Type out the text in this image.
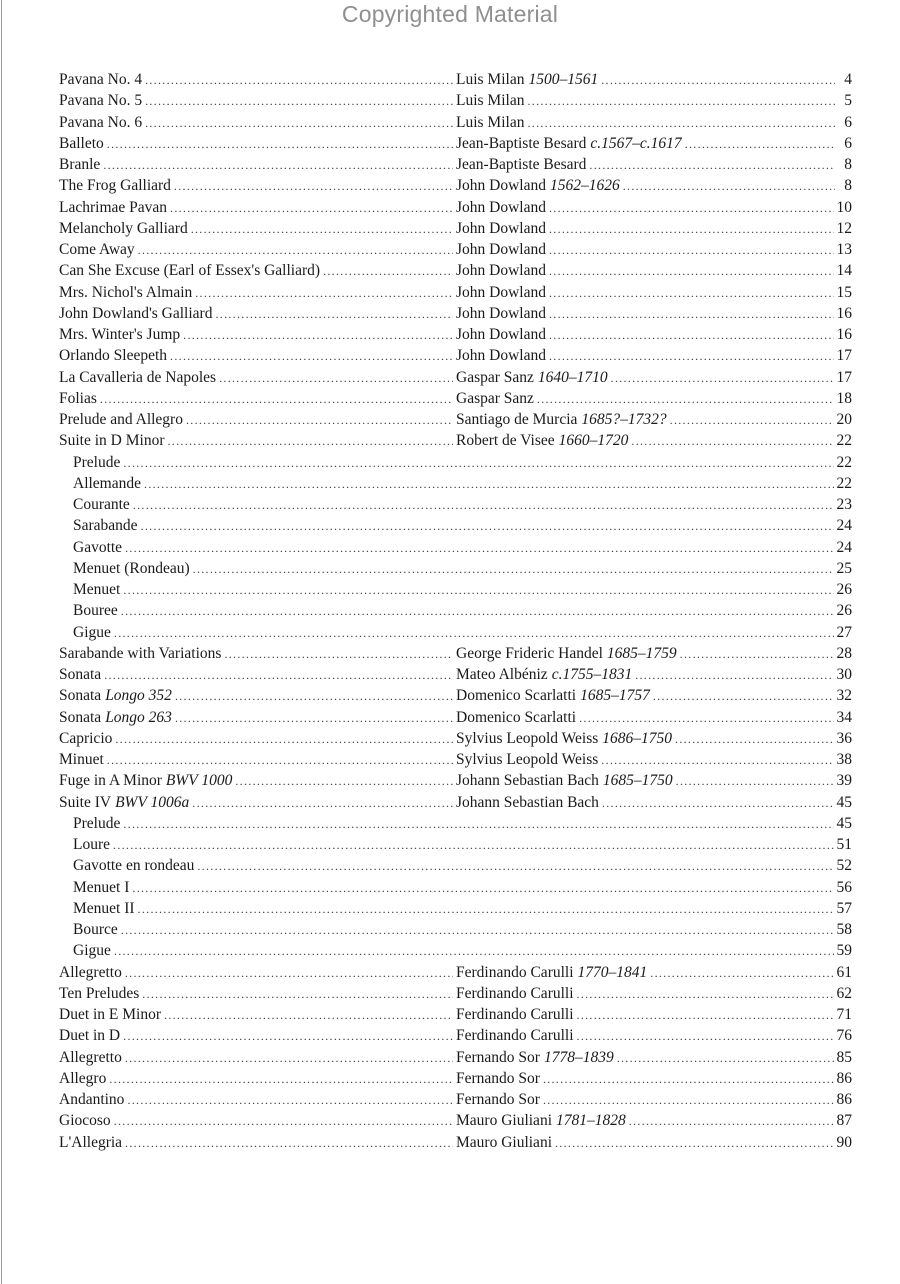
Copyrighted Material
Pavana No. 4 .....	Luis Milan 1500–1561 .....	4
Pavana No. 5 .....	Luis Milan .....	5
Pavana No. 6 .....	Luis Milan .....	6
Balleto .....	Jean-Baptiste Besard c.1567–c.1617 .....	6
Branle .....	Jean-Baptiste Besard .....	8
The Frog Galliard .....	John Dowland 1562–1626 .....	8
Lachrimae Pavan .....	John Dowland .....	10
Melancholy Galliard .....	John Dowland .....	12
Come Away .....	John Dowland .....	13
Can She Excuse (Earl of Essex's Galliard) .....	John Dowland .....	14
Mrs. Nichol's Almain .....	John Dowland .....	15
John Dowland's Galliard .....	John Dowland .....	16
Mrs. Winter's Jump .....	John Dowland .....	16
Orlando Sleepeth .....	John Dowland .....	17
La Cavalleria de Napoles .....	Gaspar Sanz 1640–1710 .....	17
Folias .....	Gaspar Sanz .....	18
Prelude and Allegro .....	Santiago de Murcia 1685?–1732? .....	20
Suite in D Minor .....	Robert de Visee 1660–1720 .....	22
Prelude .....	22
Allemande .....	22
Courante .....	23
Sarabande .....	24
Gavotte .....	24
Menuet (Rondeau) .....	25
Menuet .....	26
Bouree .....	26
Gigue .....	27
Sarabande with Variations .....	George Frideric Handel 1685–1759 .....	28
Sonata .....	Mateo Albéniz c.1755–1831 .....	30
Sonata Longo 352 .....	Domenico Scarlatti 1685–1757 .....	32
Sonata Longo 263 .....	Domenico Scarlatti .....	34
Capricio .....	Sylvius Leopold Weiss 1686–1750 .....	36
Minuet .....	Sylvius Leopold Weiss .....	38
Fuge in A Minor BWV 1000 .....	Johann Sebastian Bach 1685–1750 .....	39
Suite IV BWV 1006a .....	Johann Sebastian Bach .....	45
Prelude .....	45
Loure .....	51
Gavotte en rondeau .....	52
Menuet I .....	56
Menuet II .....	57
Bource .....	58
Gigue .....	59
Allegretto .....	Ferdinando Carulli 1770–1841 .....	61
Ten Preludes .....	Ferdinando Carulli .....	62
Duet in E Minor .....	Ferdinando Carulli .....	71
Duet in D .....	Ferdinando Carulli .....	76
Allegretto .....	Fernando Sor 1778–1839 .....	85
Allegro .....	Fernando Sor .....	86
Andantino .....	Fernando Sor .....	86
Giocoso .....	Mauro Giuliani 1781–1828 .....	87
L'Allegria .....	Mauro Giuliani .....	90
